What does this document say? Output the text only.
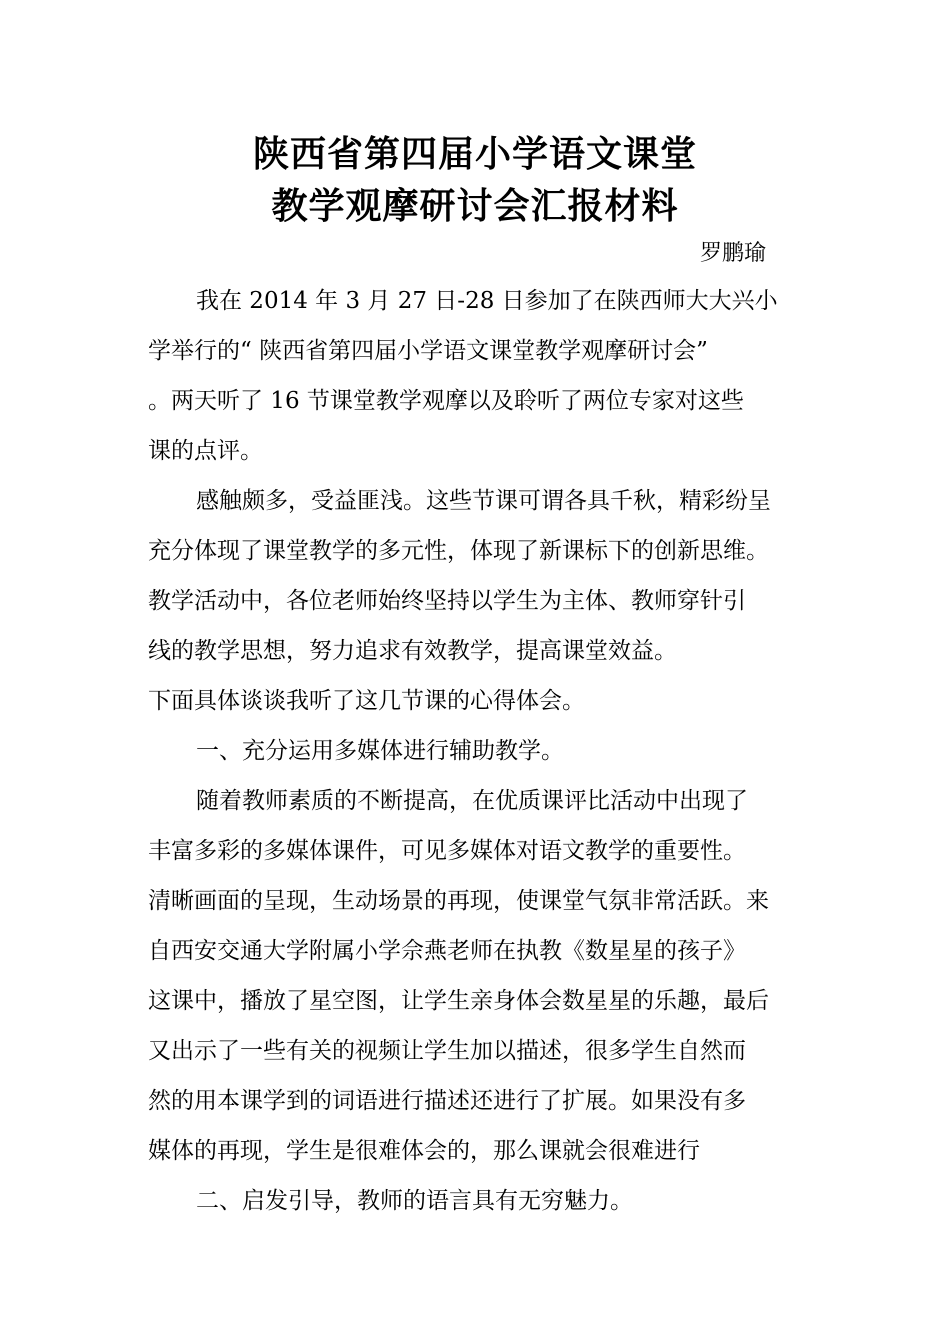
陕西省第四届小学语文课堂
教学观摩研讨会汇报材料
罗鹏瑜
我在 2014 年 3 月 27 日-28 日参加了在陕西师大大兴小
学举行的“ 陕西省第四届小学语文课堂教学观摩研讨会”
。两天听了 16 节课堂教学观摩以及聆听了两位专家对这些
课的点评。
感触颇多，受益匪浅。这些节课可谓各具千秋，精彩纷呈
充分体现了课堂教学的多元性，体现了新课标下的创新思维。
教学活动中，各位老师始终坚持以学生为主体、教师穿针引
线的教学思想，努力追求有效教学，提高课堂效益。
下面具体谈谈我听了这几节课的心得体会。
一、充分运用多媒体进行辅助教学。
随着教师素质的不断提高，在优质课评比活动中出现了
丰富多彩的多媒体课件，可见多媒体对语文教学的重要性。
清晰画面的呈现，生动场景的再现，使课堂气氛非常活跃。来
自西安交通大学附属小学佘燕老师在执教《数星星的孩子》
这课中，播放了星空图，让学生亲身体会数星星的乐趣，最后
又出示了一些有关的视频让学生加以描述，很多学生自然而
然的用本课学到的词语进行描述还进行了扩展。如果没有多
媒体的再现，学生是很难体会的，那么课就会很难进行
二、启发引导，教师的语言具有无穷魅力。
